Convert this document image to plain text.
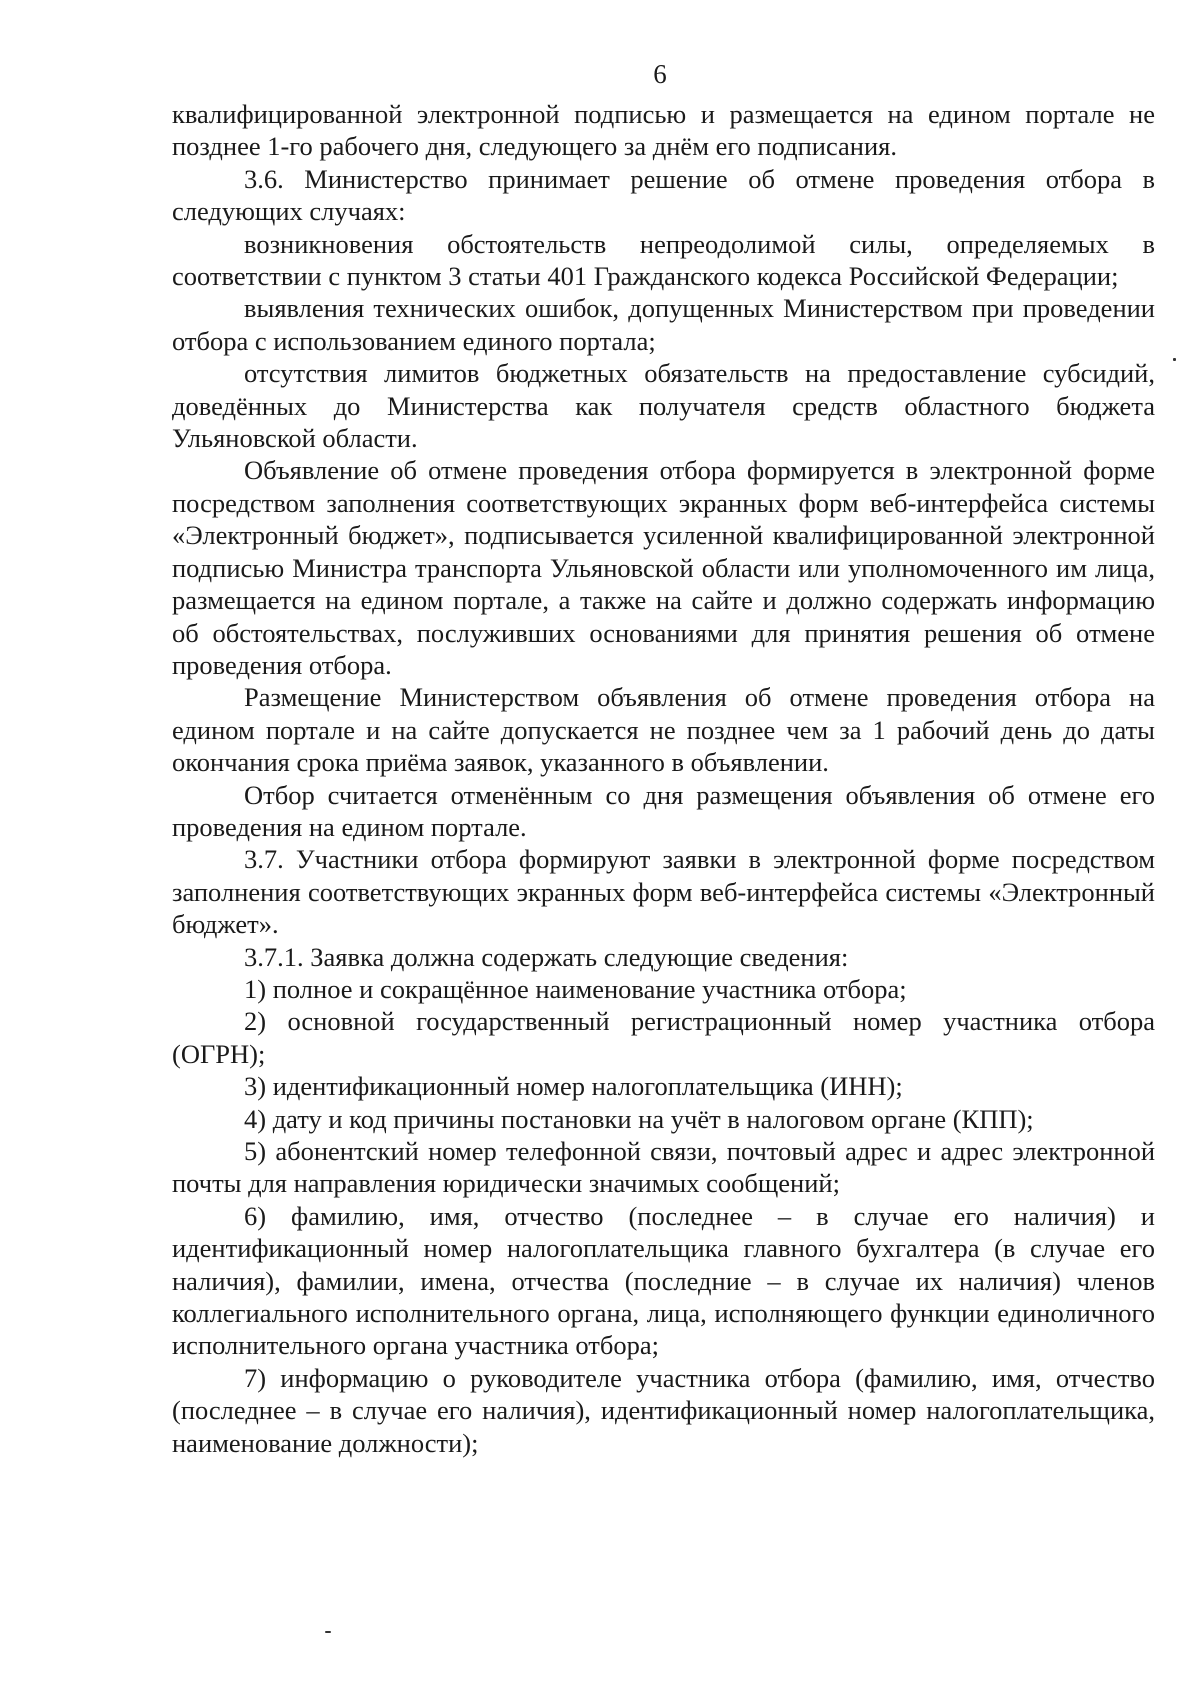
6

квалифицированной электронной подписью и размещается на едином портале не позднее 1-го рабочего дня, следующего за днём его подписания.

3.6. Министерство принимает решение об отмене проведения отбора в следующих случаях:

возникновения обстоятельств непреодолимой силы, определяемых в соответствии с пунктом 3 статьи 401 Гражданского кодекса Российской Федерации;

выявления технических ошибок, допущенных Министерством при проведении отбора с использованием единого портала;

отсутствия лимитов бюджетных обязательств на предоставление субсидий, доведённых до Министерства как получателя средств областного бюджета Ульяновской области.

Объявление об отмене проведения отбора формируется в электронной форме посредством заполнения соответствующих экранных форм веб-интерфейса системы «Электронный бюджет», подписывается усиленной квалифицированной электронной подписью Министра транспорта Ульяновской области или уполномоченного им лица, размещается на едином портале, а также на сайте и должно содержать информацию об обстоятельствах, послуживших основаниями для принятия решения об отмене проведения отбора.

Размещение Министерством объявления об отмене проведения отбора на едином портале и на сайте допускается не позднее чем за 1 рабочий день до даты окончания срока приёма заявок, указанного в объявлении.

Отбор считается отменённым со дня размещения объявления об отмене его проведения на едином портале.

3.7. Участники отбора формируют заявки в электронной форме посредством заполнения соответствующих экранных форм веб-интерфейса системы «Электронный бюджет».

3.7.1. Заявка должна содержать следующие сведения:

1) полное и сокращённое наименование участника отбора;

2) основной государственный регистрационный номер участника отбора (ОГРН);

3) идентификационный номер налогоплательщика (ИНН);

4) дату и код причины постановки на учёт в налоговом органе (КПП);

5) абонентский номер телефонной связи, почтовый адрес и адрес электронной почты для направления юридически значимых сообщений;

6) фамилию, имя, отчество (последнее – в случае его наличия) и идентификационный номер налогоплательщика главного бухгалтера (в случае его наличия), фамилии, имена, отчества (последние – в случае их наличия) членов коллегиального исполнительного органа, лица, исполняющего функции единоличного исполнительного органа участника отбора;

7) информацию о руководителе участника отбора (фамилию, имя, отчество (последнее – в случае его наличия), идентификационный номер налогоплательщика, наименование должности);
